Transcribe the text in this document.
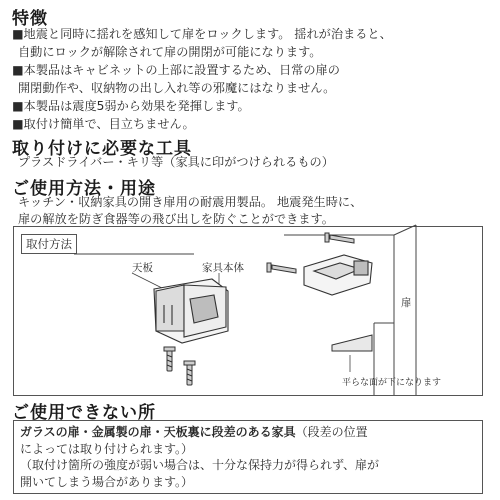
特徴

■地震と同時に揺れを感知して扉をロックします。 揺れが治まると、

自動にロックが解除されて扉の開閉が可能になります。

■本製品はキャビネットの上部に設置するため、日常の扉の

開閉動作や、収納物の出し入れ等の邪魔にはなりません。

■本製品は震度5弱から効果を発揮します。

■取付け簡単で、目立ちません。

取り付けに必要な工具

プラスドライバー・キリ等（家具に印がつけられるもの）

ご使用方法・用途

キッチン・収納家具の開き扉用の耐震用製品。 地震発生時に、

扉の解放を防ぎ食器等の飛び出しを防ぐことができます。

取付方法
天板	家具本体
扉
平らな面が下になります
ご使用できない所
ガラスの扉・金属製の扉・天板裏に段差のある家具（段差の位置
によっては取り付けられます。）
（取付け箇所の強度が弱い場合は、十分な保持力が得られず、扉が
開いてしまう場合があります。）
